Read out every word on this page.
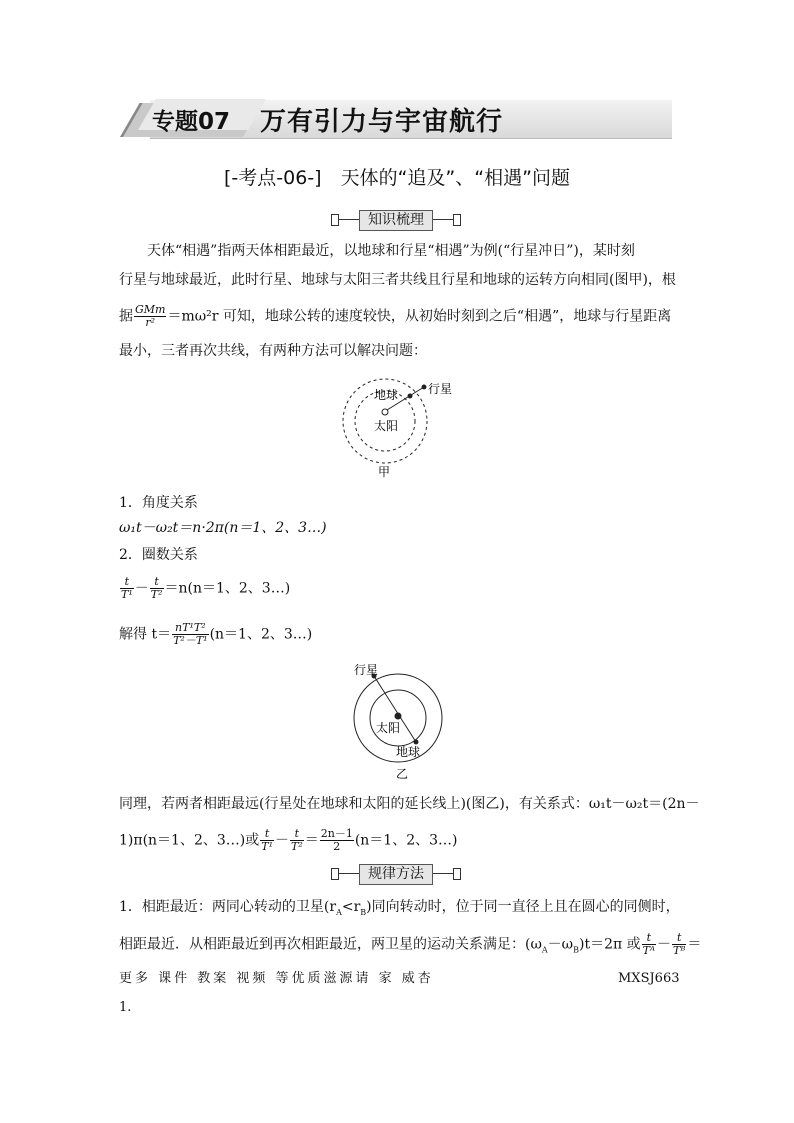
专题07 万有引力与宇宙航行
[-考点-06-]　天体的“追及”、“相遇”问题
知识梳理
天体“相遇”指两天体相距最近，以地球和行星“相遇”为例(“行星冲日”)，某时刻
行星与地球最近，此时行星、地球与太阳三者共线且行星和地球的运转方向相同(图甲)，根
据 $\frac{\text{GMm}}{\text{r²}} =m\omega^2r$ 可知，地球公转的速度较快，从初始时刻到之后“相遇”，地球与行星距离
最小，三者再次共线，有两种方法可以解决问题：
地球 行星
太阳
甲
1．角度关系
ω₁t－ω₂t＝n·2π(n＝1、2、3…)
2．圈数关系
$\frac{t}{\text{T¹}} - \frac{t}{\text{T²}} =n(n=1$、2、3…)
解得 $t= \frac{\text{nT¹T²}}{\text{T²－T¹}} (n=1$、2、3…)
行星
太阳
地球
乙
同理，若两者相距最远(行星处在地球和太阳的延长线上)(图乙)，有关系式：ω₁t－ω₂t＝(2n－
1)π(n＝1、2、3…)或 $\frac{t}{\text{T¹}} - \frac{t}{\text{T²}} = \frac{2n-1}{2} (n=1$、2、3…)
规律方法
1．相距最近：两同心转动的卫星$(r_A<r_B)$同向转动时，位于同一直径上且在圆心的同侧时，
相距最近．从相距最近到再次相距最近，两卫星的运动关系满足：$(\omega_A-\omega_B)t=2\pi$ 或 $\frac{t}{\text{Tᴬ}} - \frac{t}{\text{Tᴮ}}$ ＝
更多 课件 教案 视频 等优质滋源请 家 威杏	MXSJ663
1.
